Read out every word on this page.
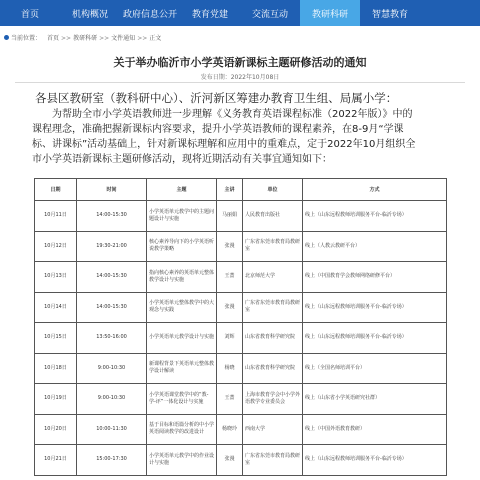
首页	机构概况	政府信息公开	教育党建	交流互动	教研科研	智慧教育
当前位置： 首页 >> 教研科研 >> 文件通知 >> 正文
关于举办临沂市小学英语新课标主题研修活动的通知
发布日期：2022年10月08日
各县区教研室（教科研中心）、沂河新区筹建办教育卫生组、局属小学：

为帮助全市小学英语教师进一步理解《义务教育英语课程标准（2022年版）》中的

课程理念，准确把握新课标内容要求，提升小学英语教师的课程素养，在8-9月“学课

标、讲课标”活动基础上，针对新课标理解和应用中的重难点，定于2022年10月组织全

市小学英语新课标主题研修活动，现将近期活动有关事宜通知如下：

日期	时间	主题	主讲	单位	方式
10月11日	14:00-15:30	小学英语单元教学中的主题问题设计与实施	马丽娟	人民教育出版社	线上（山东远程教师培训服务平台-临沂专场）
10月12日	19:30-21:00	核心素养导向下的小学英语听说教学策略	张漫	广东省东莞市教育局教研室	线上（人教云教研平台）
10月13日	14:00-15:30	指向核心素养的英语单元整体教学设计与实施	王蔷	北京师范大学	线上（中国教育学会教师网络研修平台）
10月14日	14:00-15:30	小学英语单元整体教学中的大观念与实践	张漫	广东省东莞市教育局教研室	线上（山东远程教师培训服务平台-临沂专场）
10月15日	13:50-16:00	小学英语单元教学设计与实施	刘辉	山东省教育科学研究院	线上（山东远程教师培训服务平台-临沂专场）
10月18日	9:00-10:30	新课程背景下英语单元整体教学设计解读	杨晓	山东省教育科学研究院	线上（全国名师培训平台）
10月19日	9:00-10:30	小学英语课堂教学中的“教-学-评”一体化设计与实施	王蔷	上海市教育学会中小学外语教学专业委员会	线上（山东省小学英语研究社群）
10月20日	10:00-11:30	基于目标和语篇分析的中小学英语阅读教学的改进设计	杨晓玲	西南大学	线上（中国外语教育教研）
10月21日	15:00-17:30	小学英语单元教学中的作业设计与实施	张漫	广东省东莞市教育局教研室	线上（山东远程教师培训服务平台-临沂专场）
